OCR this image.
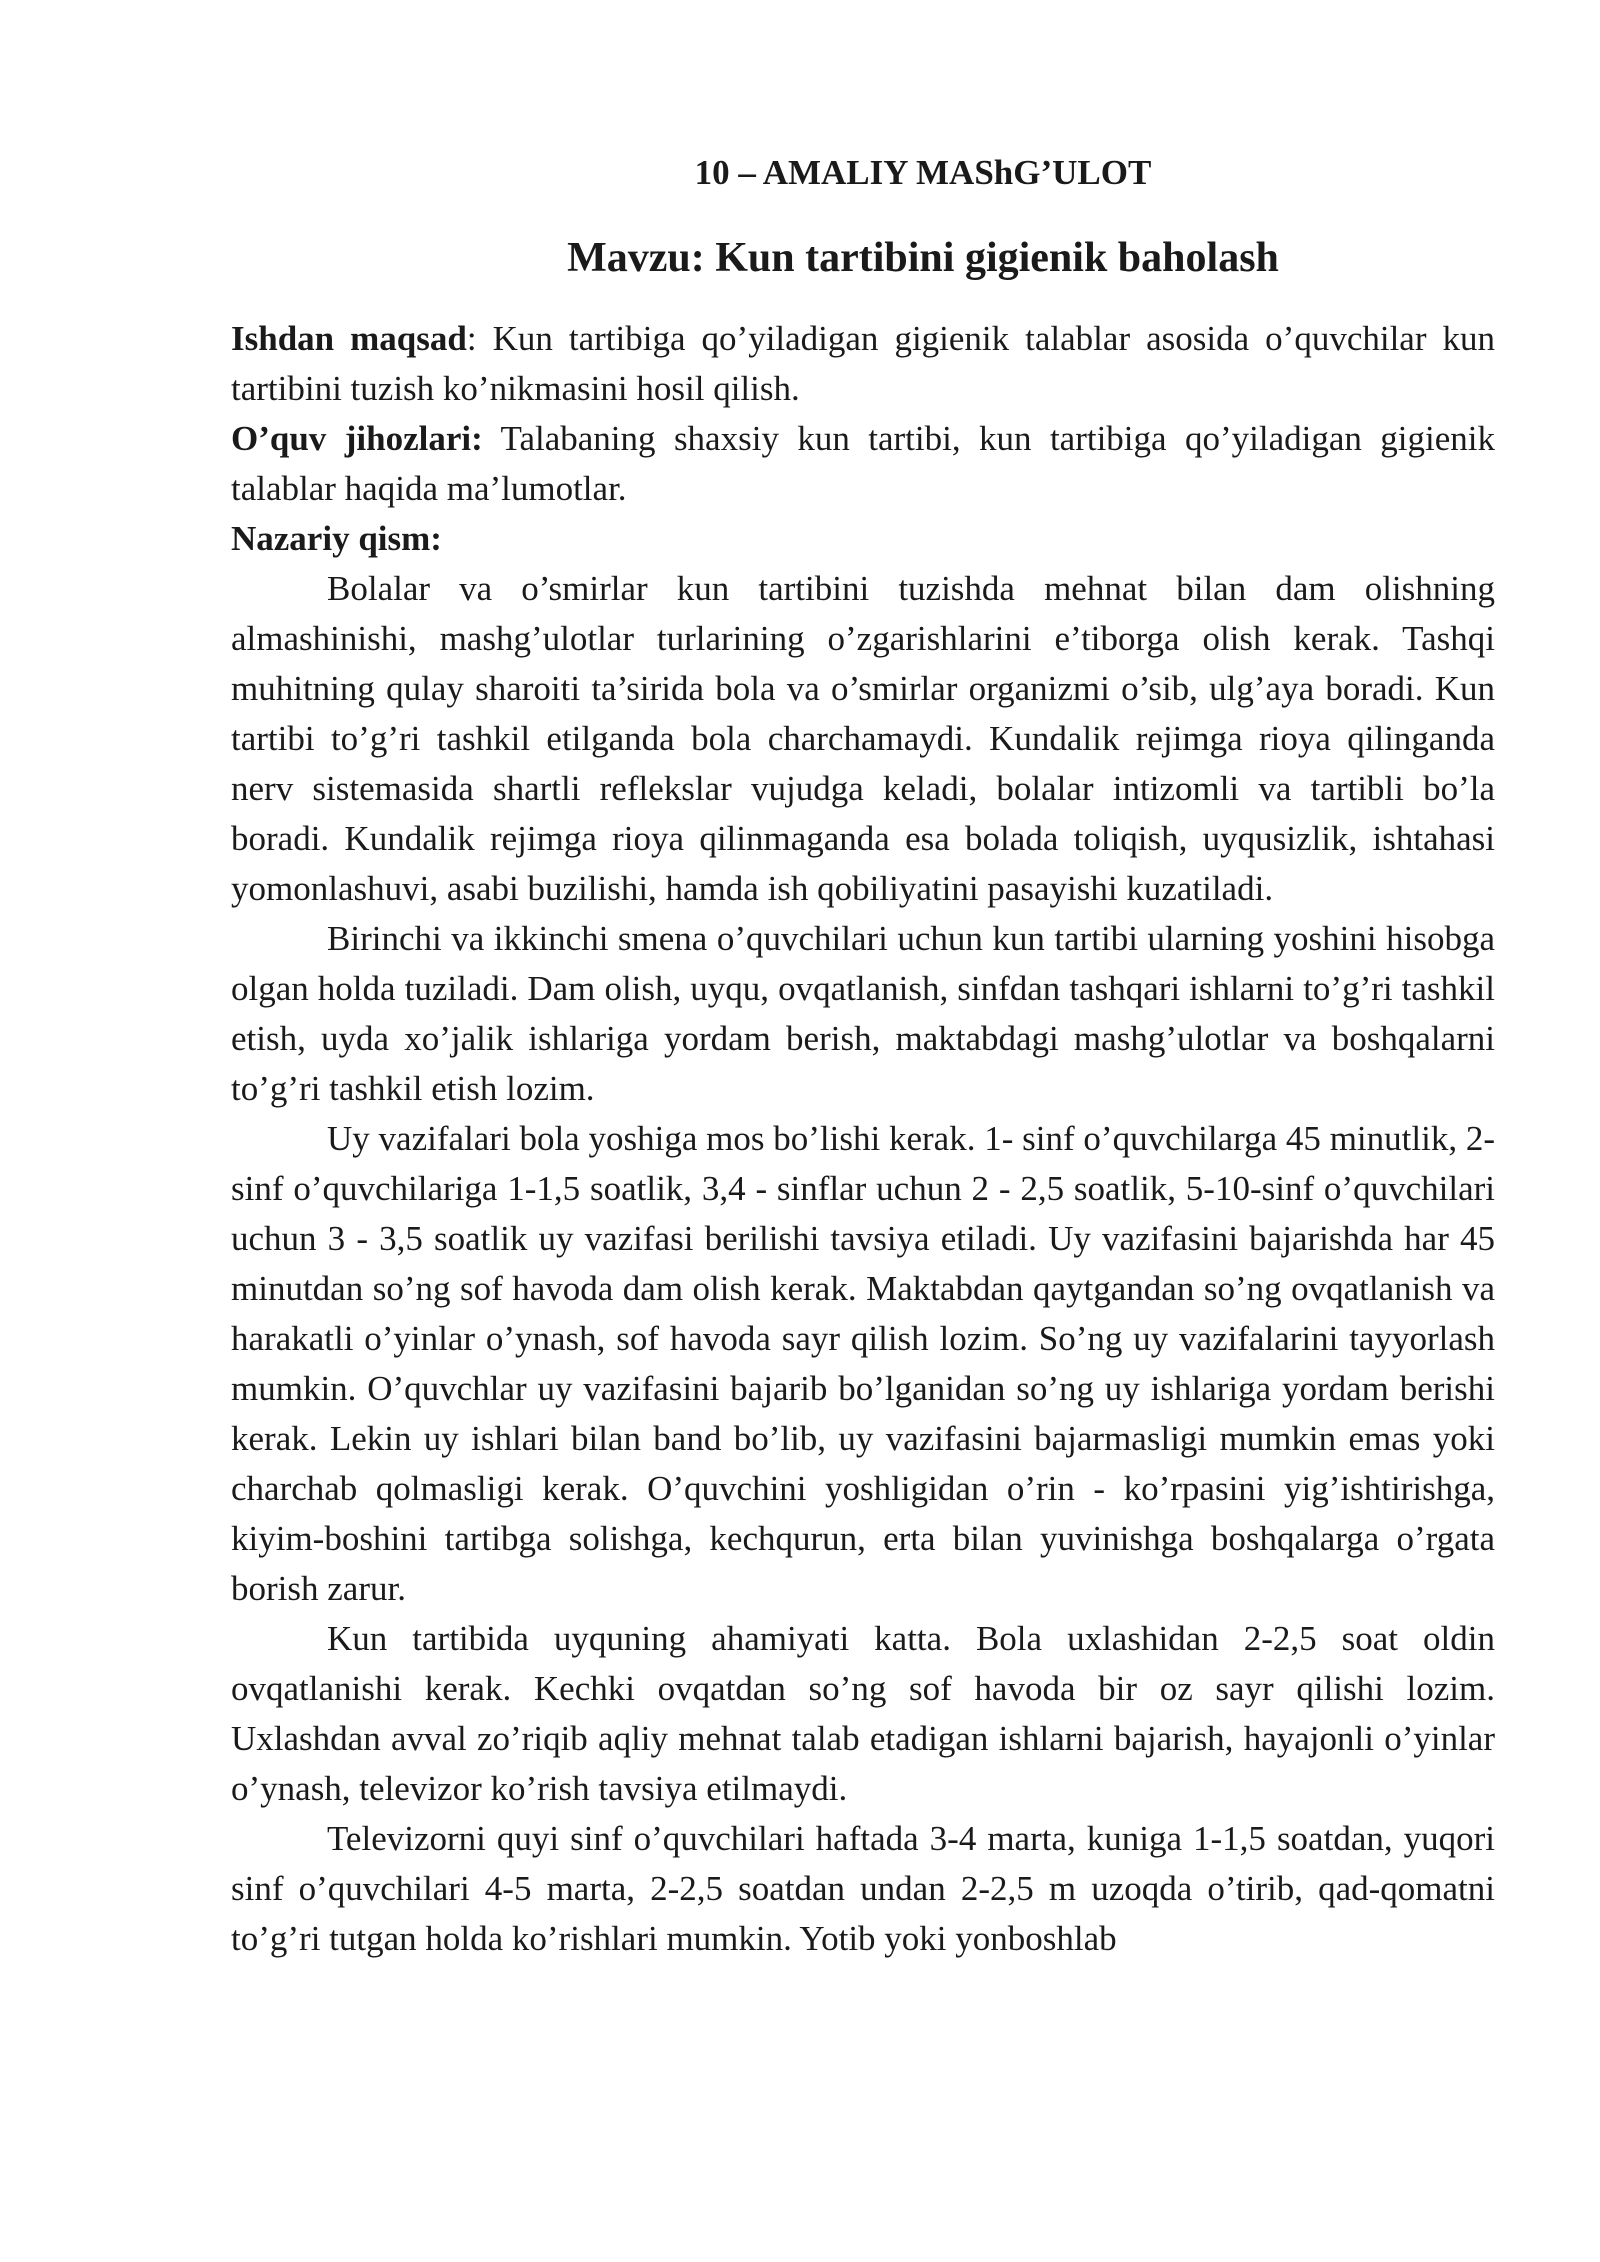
10 – AMALIY MAShG’ULOT
Mavzu: Kun tartibini gigienik baholash

Ishdan maqsad: Kun tartibiga qo’yiladigan gigienik talablar asosida o’quvchilar kun tartibini tuzish ko’nikmasini hosil qilish.

O’quv jihozlari: Talabaning shaxsiy kun tartibi, kun tartibiga qo’yiladigan gigienik talablar haqida ma’lumotlar.

Nazariy qism:

Bolalar va o’smirlar kun tartibini tuzishda mehnat bilan dam olishning almashinishi, mashg’ulotlar turlarining o’zgarishlarini e’tiborga olish kerak. Tashqi muhitning qulay sharoiti ta’sirida bola va o’smirlar organizmi o’sib, ulg’aya boradi. Kun tartibi to’g’ri tashkil etilganda bola charchamaydi. Kundalik rejimga rioya qilinganda nerv sistemasida shartli reflekslar vujudga keladi, bolalar intizomli va tartibli bo’la boradi. Kundalik rejimga rioya qilinmaganda esa bolada toliqish, uyqusizlik, ishtahasi yomonlashuvi, asabi buzilishi, hamda ish qobiliyatini pasayishi kuzatiladi.

Birinchi va ikkinchi smena o’quvchilari uchun kun tartibi ularning yoshini hisobga olgan holda tuziladi. Dam olish, uyqu, ovqatlanish, sinfdan tashqari ishlarni to’g’ri tashkil etish, uyda xo’jalik ishlariga yordam berish, maktabdagi mashg’ulotlar va boshqalarni to’g’ri tashkil etish lozim.

Uy vazifalari bola yoshiga mos bo’lishi kerak. 1- sinf o’quvchilarga 45 minutlik, 2-sinf o’quvchilariga 1-1,5 soatlik, 3,4 - sinflar uchun 2 - 2,5 soatlik, 5-10-sinf o’quvchilari uchun 3 - 3,5 soatlik uy vazifasi berilishi tavsiya etiladi. Uy vazifasini bajarishda har 45 minutdan so’ng sof havoda dam olish kerak. Maktabdan qaytgandan so’ng ovqatlanish va harakatli o’yinlar o’ynash, sof havoda sayr qilish lozim. So’ng uy vazifalarini tayyorlash mumkin. O’quvchlar uy vazifasini bajarib bo’lganidan so’ng uy ishlariga yordam berishi kerak. Lekin uy ishlari bilan band bo’lib, uy vazifasini bajarmasligi mumkin emas yoki charchab qolmasligi kerak. O’quvchini yoshligidan o’rin - ko’rpasini yig’ishtirishga, kiyim-boshini tartibga solishga, kechqurun, erta bilan yuvinishga boshqalarga o’rgata borish zarur.

Kun tartibida uyquning ahamiyati katta. Bola uxlashidan 2-2,5 soat oldin ovqatlanishi kerak. Kechki ovqatdan so’ng sof havoda bir oz sayr qilishi lozim. Uxlashdan avval zo’riqib aqliy mehnat talab etadigan ishlarni bajarish, hayajonli o’yinlar o’ynash, televizor ko’rish tavsiya etilmaydi.

Televizorni quyi sinf o’quvchilari haftada 3-4 marta, kuniga 1-1,5 soatdan, yuqori sinf o’quvchilari 4-5 marta, 2-2,5 soatdan undan 2-2,5 m uzoqda o’tirib, qad-qomatni to’g’ri tutgan holda ko’rishlari mumkin. Yotib yoki yonboshlab
